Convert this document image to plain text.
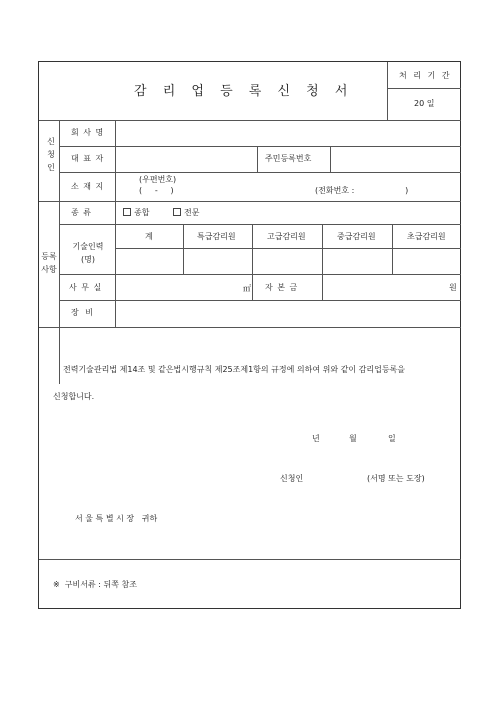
감 리 업 등 록 신 청 서
처 리 기 간
20 일
신
청
인
회 사 명
대 표 자	주민등록번호
소 재 지
(우편번호)
(     -     )	(전화번호 :                    )
등록
사항
종 류	종합	전문
기술인력
(명)
계	특급감리원	고급감리원	중급감리원	초급감리원
사 무 실	㎡ 자 본 금	원
장 비
전력기술관리법 제14조 및 같은법시행규칙 제25조제1항의 규정에 의하여 위와 같이 감리업등록을
신청합니다.
년	월	일
신청인	(서명 또는 도장)
서 울 특 별 시 장   귀하
※  구비서류 : 뒤쪽 참조
